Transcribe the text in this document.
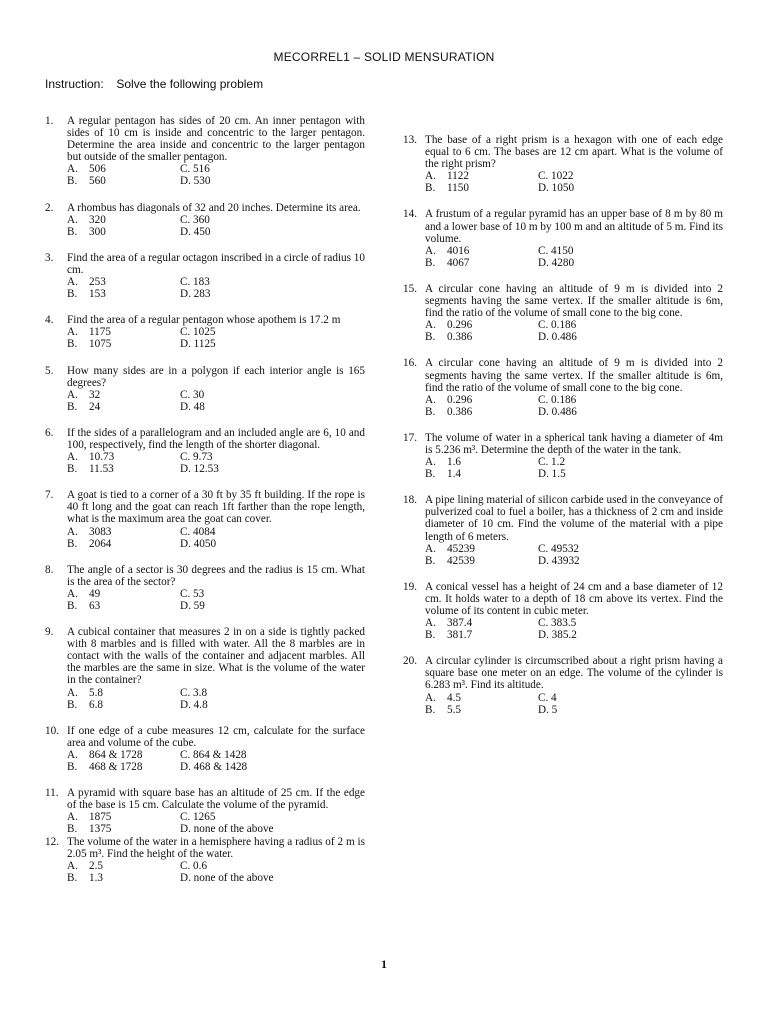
MECORREL1 – SOLID MENSURATION
Instruction: Solve the following problem
1.	A regular pentagon has sides of 20 cm. An inner pentagon with sides of 10 cm is inside and concentric to the larger pentagon. Determine the area inside and concentric to the larger pentagon but outside of the smaller pentagon.
A. 506	C. 516
B. 560	D. 530
2.	A rhombus has diagonals of 32 and 20 inches. Determine its area.
A. 320	C. 360
B. 300	D. 450
3.	Find the area of a regular octagon inscribed in a circle of radius 10 cm.
A. 253	C. 183
B. 153	D. 283
4.	Find the area of a regular pentagon whose apothem is 17.2 m
A. 1175	C. 1025
B. 1075	D. 1125
5.	How many sides are in a polygon if each interior angle is 165 degrees?
A. 32	C. 30
B. 24	D. 48
6.	If the sides of a parallelogram and an included angle are 6, 10 and 100, respectively, find the length of the shorter diagonal.
A. 10.73	C. 9.73
B. 11.53	D. 12.53
7.	A goat is tied to a corner of a 30 ft by 35 ft building. If the rope is 40 ft long and the goat can reach 1ft farther than the rope length, what is the maximum area the goat can cover.
A. 3083	C. 4084
B. 2064	D. 4050
8.	The angle of a sector is 30 degrees and the radius is 15 cm. What is the area of the sector?
A. 49	C. 53
B. 63	D. 59
9.	A cubical container that measures 2 in on a side is tightly packed with 8 marbles and is filled with water. All the 8 marbles are in contact with the walls of the container and adjacent marbles. All the marbles are the same in size. What is the volume of the water in the container?
A. 5.8	C. 3.8
B. 6.8	D. 4.8
10. If one edge of a cube measures 12 cm, calculate for the surface area and volume of the cube.
A. 864 & 1728	C. 864 & 1428
B. 468 & 1728	D. 468 & 1428
11. A pyramid with square base has an altitude of 25 cm. If the edge of the base is 15 cm. Calculate the volume of the pyramid.
A. 1875	C. 1265
B. 1375	D. none of the above
12. The volume of the water in a hemisphere having a radius of 2 m is 2.05 m³. Find the height of the water.
A. 2.5	C. 0.6
B. 1.3	D. none of the above
13. The base of a right prism is a hexagon with one of each edge equal to 6 cm. The bases are 12 cm apart. What is the volume of the right prism?
A. 1122	C. 1022
B. 1150	D. 1050
14. A frustum of a regular pyramid has an upper base of 8 m by 80 m and a lower base of 10 m by 100 m and an altitude of 5 m. Find its volume.
A. 4016	C. 4150
B. 4067	D. 4280
15. A circular cone having an altitude of 9 m is divided into 2 segments having the same vertex. If the smaller altitude is 6m, find the ratio of the volume of small cone to the big cone.
A. 0.296	C. 0.186
B. 0.386	D. 0.486
16. A circular cone having an altitude of 9 m is divided into 2 segments having the same vertex. If the smaller altitude is 6m, find the ratio of the volume of small cone to the big cone.
A. 0.296	C. 0.186
B. 0.386	D. 0.486
17. The volume of water in a spherical tank having a diameter of 4m is 5.236 m³. Determine the depth of the water in the tank.
A. 1.6	C. 1.2
B. 1.4	D. 1.5
18. A pipe lining material of silicon carbide used in the conveyance of pulverized coal to fuel a boiler, has a thickness of 2 cm and inside diameter of 10 cm. Find the volume of the material with a pipe length of 6 meters.
A. 45239	C. 49532
B. 42539	D. 43932
19. A conical vessel has a height of 24 cm and a base diameter of 12 cm. It holds water to a depth of 18 cm above its vertex. Find the volume of its content in cubic meter.
A. 387.4	C. 383.5
B. 381.7	D. 385.2
20. A circular cylinder is circumscribed about a right prism having a square base one meter on an edge. The volume of the cylinder is 6.283 m³. Find its altitude.
A. 4.5	C. 4
B. 5.5	D. 5
1
